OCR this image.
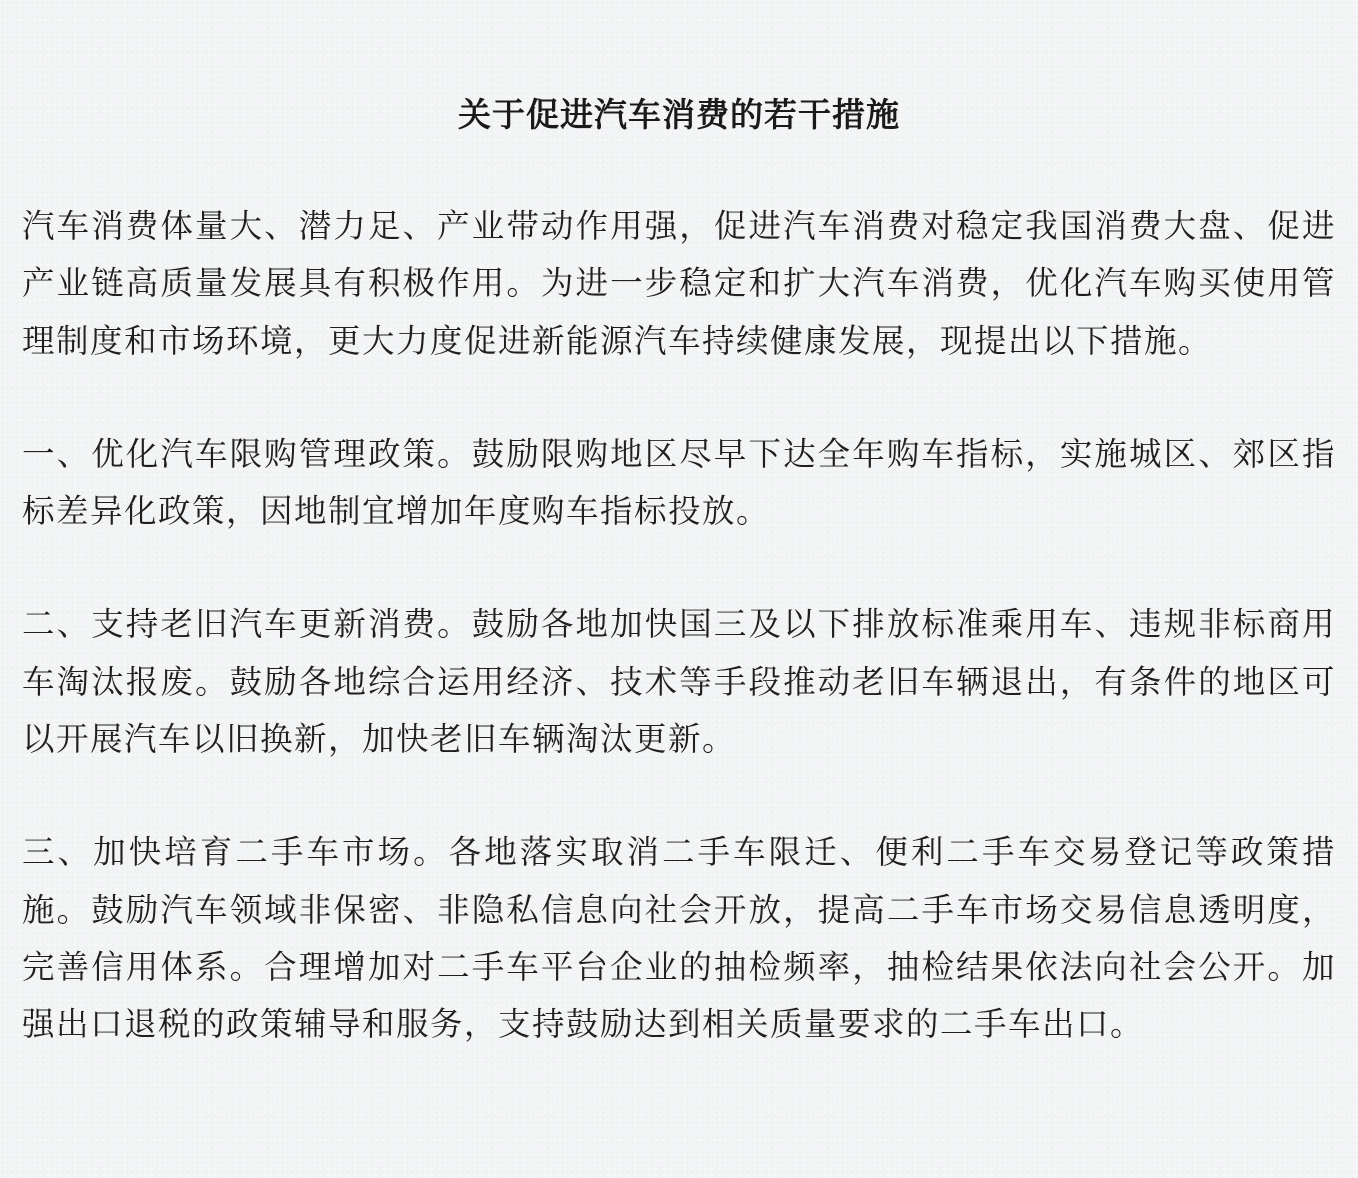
关于促进汽车消费的若干措施

汽车消费体量大、潜力足、产业带动作用强，促进汽车消费对稳定我国消费大盘、促进产业链高质量发展具有积极作用。为进一步稳定和扩大汽车消费，优化汽车购买使用管理制度和市场环境，更大力度促进新能源汽车持续健康发展，现提出以下措施。

一、优化汽车限购管理政策。鼓励限购地区尽早下达全年购车指标，实施城区、郊区指标差异化政策，因地制宜增加年度购车指标投放。

二、支持老旧汽车更新消费。鼓励各地加快国三及以下排放标准乘用车、违规非标商用车淘汰报废。鼓励各地综合运用经济、技术等手段推动老旧车辆退出，有条件的地区可以开展汽车以旧换新，加快老旧车辆淘汰更新。

三、加快培育二手车市场。各地落实取消二手车限迁、便利二手车交易登记等政策措施。鼓励汽车领域非保密、非隐私信息向社会开放，提高二手车市场交易信息透明度，完善信用体系。合理增加对二手车平台企业的抽检频率，抽检结果依法向社会公开。加强出口退税的政策辅导和服务，支持鼓励达到相关质量要求的二手车出口。
